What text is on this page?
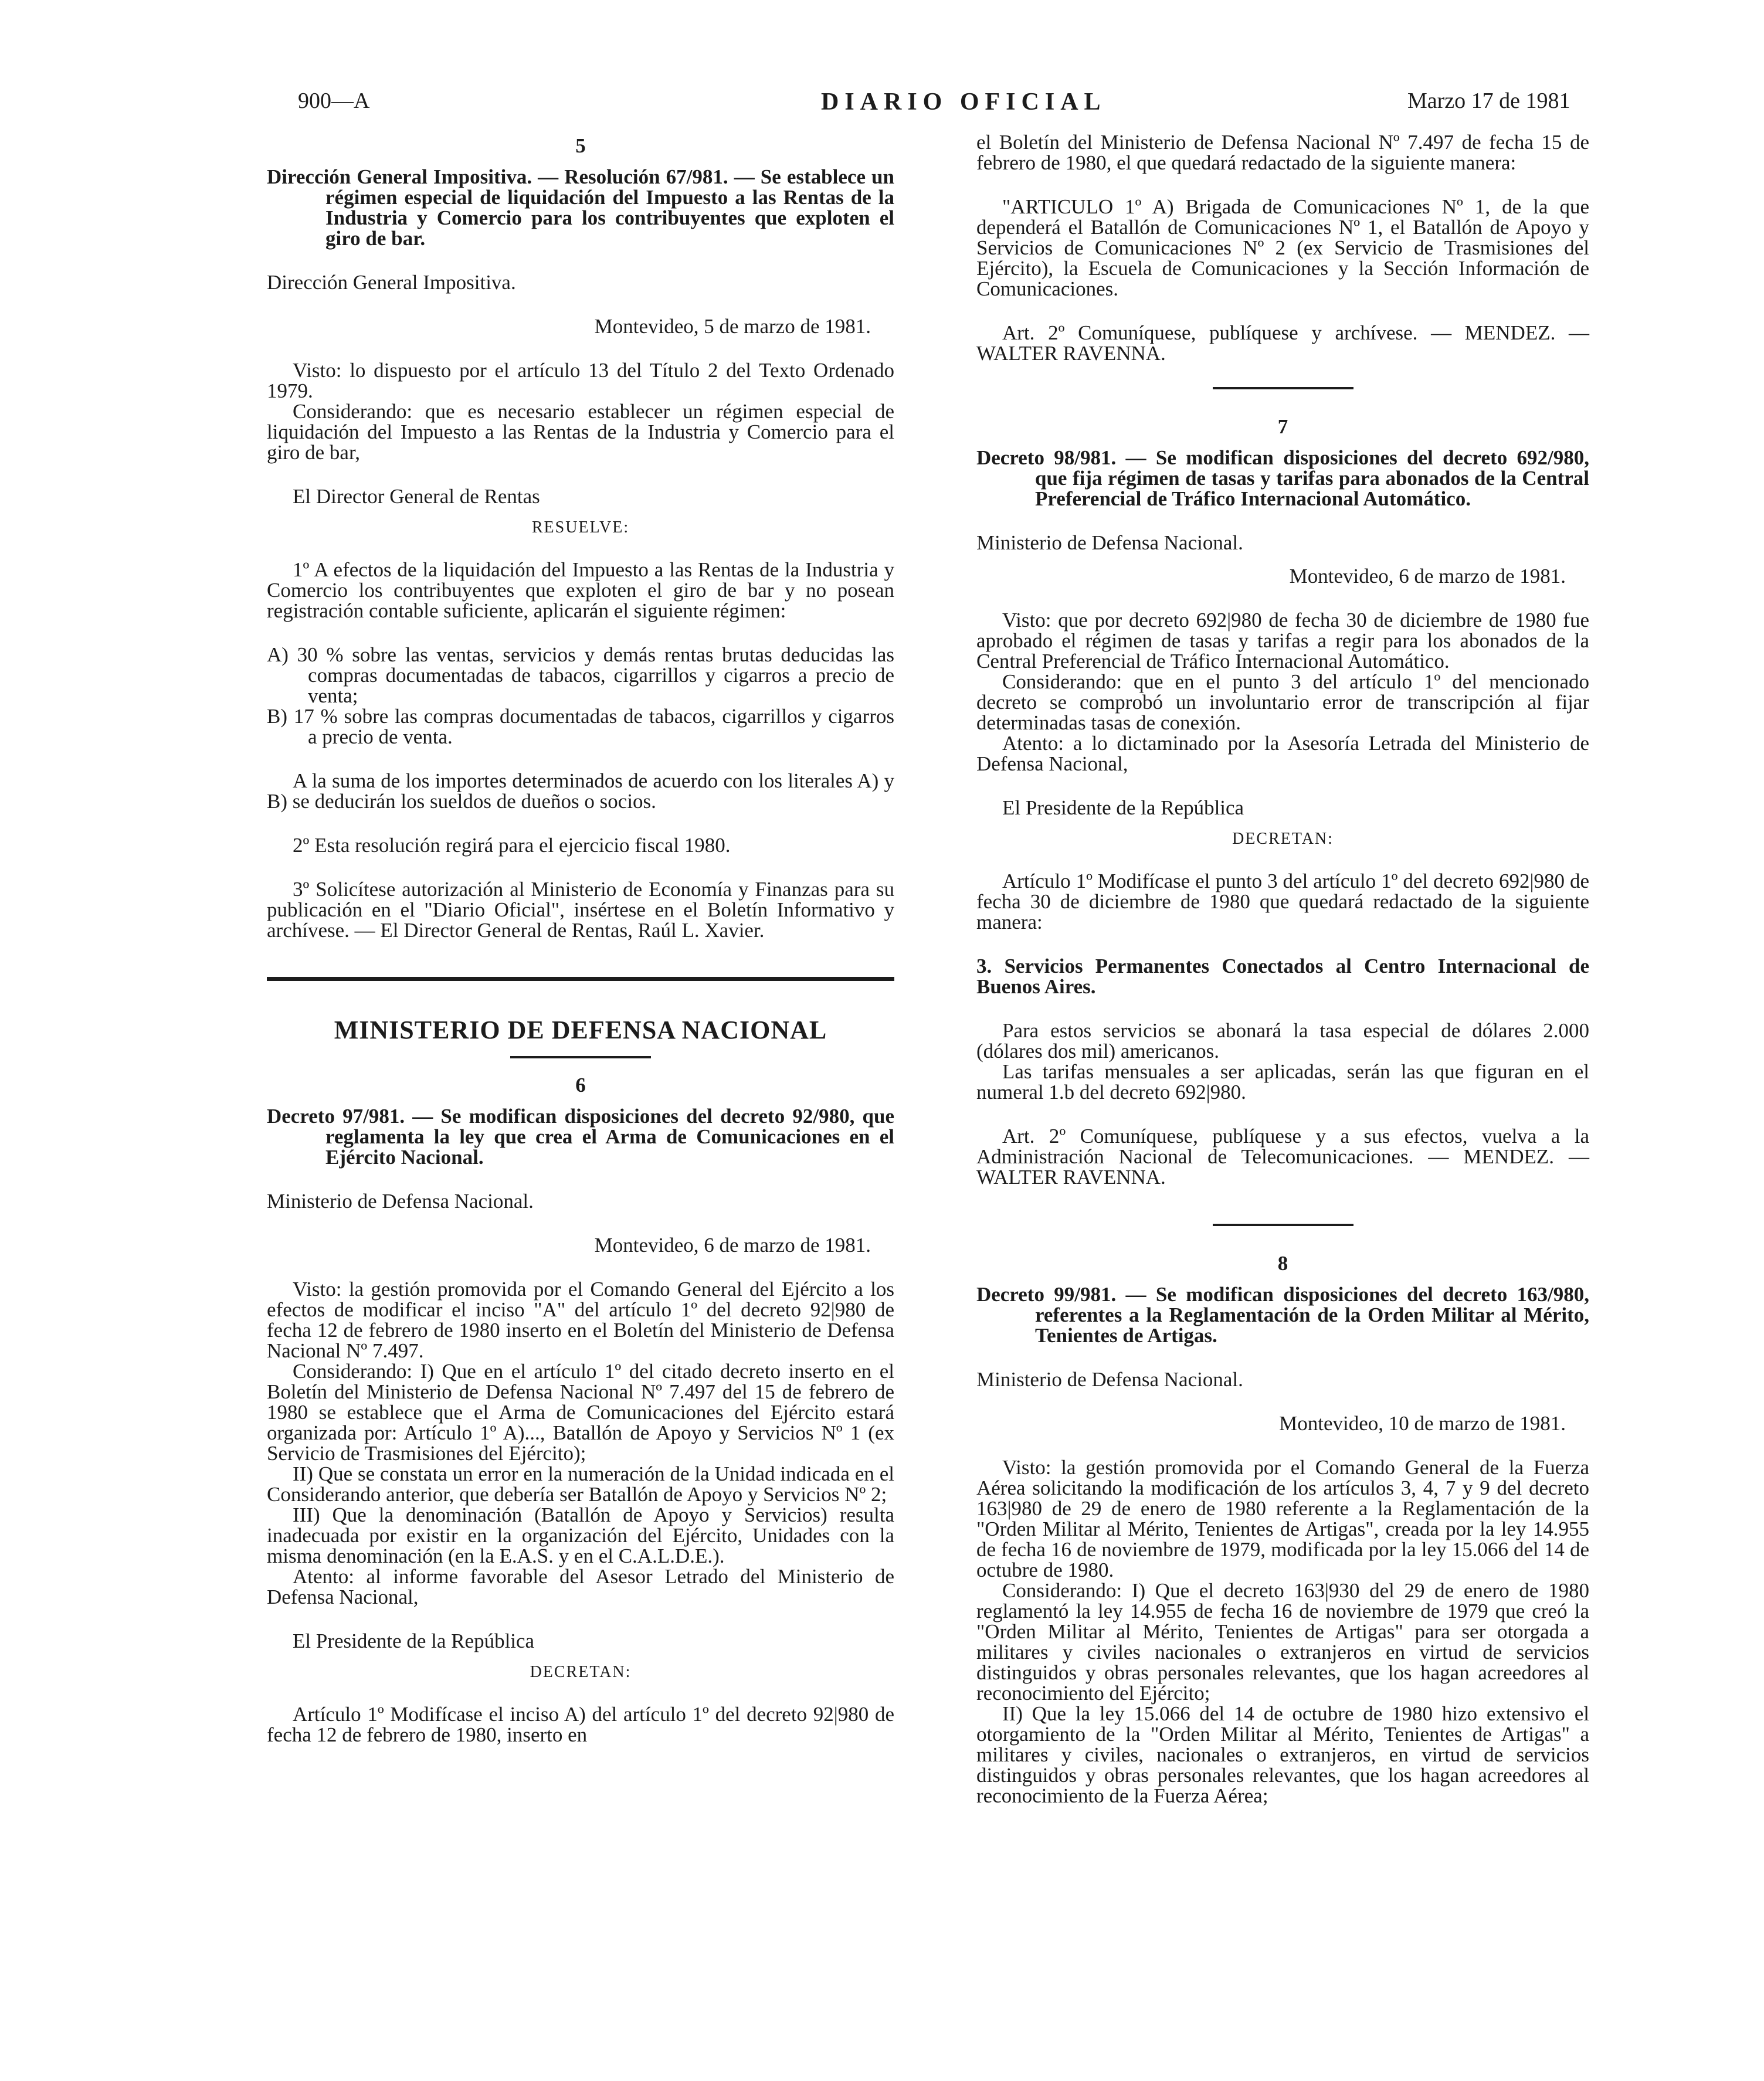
900—A	DIARIO OFICIAL	Marzo 17 de 1981
5

Dirección General Impositiva. — Resolución 67/981. — Se establece un régimen especial de liquidación del Impuesto a las Rentas de la Industria y Comercio para los contribuyentes que exploten el giro de bar.

Dirección General Impositiva.

Montevideo, 5 de marzo de 1981.

Visto: lo dispuesto por el artículo 13 del Título 2 del Texto Ordenado 1979.

Considerando: que es necesario establecer un régimen especial de liquidación del Impuesto a las Rentas de la Industria y Comercio para el giro de bar,

El Director General de Rentas

RESUELVE:

1º A efectos de la liquidación del Impuesto a las Rentas de la Industria y Comercio los contribuyentes que exploten el giro de bar y no posean registración contable suficiente, aplicarán el siguiente régimen:

A) 30 % sobre las ventas, servicios y demás rentas brutas deducidas las compras documentadas de tabacos, cigarrillos y cigarros a precio de venta;

B) 17 % sobre las compras documentadas de tabacos, cigarrillos y cigarros a precio de venta.

A la suma de los importes determinados de acuerdo con los literales A) y B) se deducirán los sueldos de dueños o socios.

2º Esta resolución regirá para el ejercicio fiscal 1980.

3º Solicítese autorización al Ministerio de Economía y Finanzas para su publicación en el "Diario Oficial", insértese en el Boletín Informativo y archívese. — El Director General de Rentas, Raúl L. Xavier.

MINISTERIO DE DEFENSA NACIONAL
6

Decreto 97/981. — Se modifican disposiciones del decreto 92/980, que reglamenta la ley que crea el Arma de Comunicaciones en el Ejército Nacional.

Ministerio de Defensa Nacional.

Montevideo, 6 de marzo de 1981.

Visto: la gestión promovida por el Comando General del Ejército a los efectos de modificar el inciso "A" del artículo 1º del decreto 92|980 de fecha 12 de febrero de 1980 inserto en el Boletín del Ministerio de Defensa Nacional Nº 7.497.

Considerando: I) Que en el artículo 1º del citado decreto inserto en el Boletín del Ministerio de Defensa Nacional Nº 7.497 del 15 de febrero de 1980 se establece que el Arma de Comunicaciones del Ejército estará organizada por: Artículo 1º A)..., Batallón de Apoyo y Servicios Nº 1 (ex Servicio de Trasmisiones del Ejército);

II) Que se constata un error en la numeración de la Unidad indicada en el Considerando anterior, que debería ser Batallón de Apoyo y Servicios Nº 2;

III) Que la denominación (Batallón de Apoyo y Servicios) resulta inadecuada por existir en la organización del Ejército, Unidades con la misma denominación (en la E.A.S. y en el C.A.L.D.E.).

Atento: al informe favorable del Asesor Letrado del Ministerio de Defensa Nacional,

El Presidente de la República

DECRETAN:

Artículo 1º Modifícase el inciso A) del artículo 1º del decreto 92|980 de fecha 12 de febrero de 1980, inserto en

el Boletín del Ministerio de Defensa Nacional Nº 7.497 de fecha 15 de febrero de 1980, el que quedará redactado de la siguiente manera:

"ARTICULO 1º A) Brigada de Comunicaciones Nº 1, de la que dependerá el Batallón de Comunicaciones Nº 1, el Batallón de Apoyo y Servicios de Comunicaciones Nº 2 (ex Servicio de Trasmisiones del Ejército), la Escuela de Comunicaciones y la Sección Información de Comunicaciones.

Art. 2º Comuníquese, publíquese y archívese. — MENDEZ. — WALTER RAVENNA.

7

Decreto 98/981. — Se modifican disposiciones del decreto 692/980, que fija régimen de tasas y tarifas para abonados de la Central Preferencial de Tráfico Internacional Automático.

Ministerio de Defensa Nacional.

Montevideo, 6 de marzo de 1981.

Visto: que por decreto 692|980 de fecha 30 de diciembre de 1980 fue aprobado el régimen de tasas y tarifas a regir para los abonados de la Central Preferencial de Tráfico Internacional Automático.

Considerando: que en el punto 3 del artículo 1º del mencionado decreto se comprobó un involuntario error de transcripción al fijar determinadas tasas de conexión.

Atento: a lo dictaminado por la Asesoría Letrada del Ministerio de Defensa Nacional,

El Presidente de la República

DECRETAN:

Artículo 1º Modifícase el punto 3 del artículo 1º del decreto 692|980 de fecha 30 de diciembre de 1980 que quedará redactado de la siguiente manera:

3. Servicios Permanentes Conectados al Centro Internacional de Buenos Aires.

Para estos servicios se abonará la tasa especial de dólares 2.000 (dólares dos mil) americanos.

Las tarifas mensuales a ser aplicadas, serán las que figuran en el numeral 1.b del decreto 692|980.

Art. 2º Comuníquese, publíquese y a sus efectos, vuelva a la Administración Nacional de Telecomunicaciones. — MENDEZ. — WALTER RAVENNA.

8

Decreto 99/981. — Se modifican disposiciones del decreto 163/980, referentes a la Reglamentación de la Orden Militar al Mérito, Tenientes de Artigas.

Ministerio de Defensa Nacional.

Montevideo, 10 de marzo de 1981.

Visto: la gestión promovida por el Comando General de la Fuerza Aérea solicitando la modificación de los artículos 3, 4, 7 y 9 del decreto 163|980 de 29 de enero de 1980 referente a la Reglamentación de la "Orden Militar al Mérito, Tenientes de Artigas", creada por la ley 14.955 de fecha 16 de noviembre de 1979, modificada por la ley 15.066 del 14 de octubre de 1980.

Considerando: I) Que el decreto 163|930 del 29 de enero de 1980 reglamentó la ley 14.955 de fecha 16 de noviembre de 1979 que creó la "Orden Militar al Mérito, Tenientes de Artigas" para ser otorgada a militares y civiles nacionales o extranjeros en virtud de servicios distinguidos y obras personales relevantes, que los hagan acreedores al reconocimiento del Ejército;

II) Que la ley 15.066 del 14 de octubre de 1980 hizo extensivo el otorgamiento de la "Orden Militar al Mérito, Tenientes de Artigas" a militares y civiles, nacionales o extranjeros, en virtud de servicios distinguidos y obras personales relevantes, que los hagan acreedores al reconocimiento de la Fuerza Aérea;
